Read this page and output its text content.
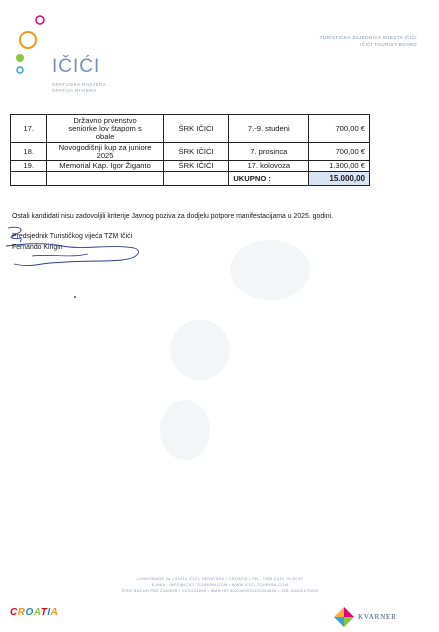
IČIĆI
OPATIJSKA RIVIJERA
OPATIJA RIVIERA
TURISTIČKA ZAJEDNICA MJESTA IČIĆI
IČIĆI TOURIST BOARD
17.	Državno prvenstvo
seniorke lov štapom s
obale	ŠRK IČIĆI	7.-9. studeni	700,00 €
18.	Novogodišnji kup za juniore
2025	ŠRK IČIĆI	7. prosinca	700,00 €
19.	Memorial Kap. Igor Žiganto	ŠRK IČIĆI	17. kolovoza	1.300,00 €
			UKUPNO :	15.000,00
Ostali kandidati nisu zadovoljili kriterije Javnog poziva za dodjelu potpore manifestacijama u 2025. godini.
Predsjednik Turističkog vijeća TZM Ičići
Fernando Kirigin
LUNGOMARE 2a • 51414 IČIĆI, HRVATSKA / CROATIA • TEL: +385 (0)51 70 40 87
E-MAIL: INFO@ICICI-TOURISM.COM • WWW.ICICI-TOURISM.COM
ŽIRO RAČUN PBZ 2340009 • 1101224846 • IBAN HR 3023400091101224846 • OIB: 64420175263
CROATIA	KVARNER
